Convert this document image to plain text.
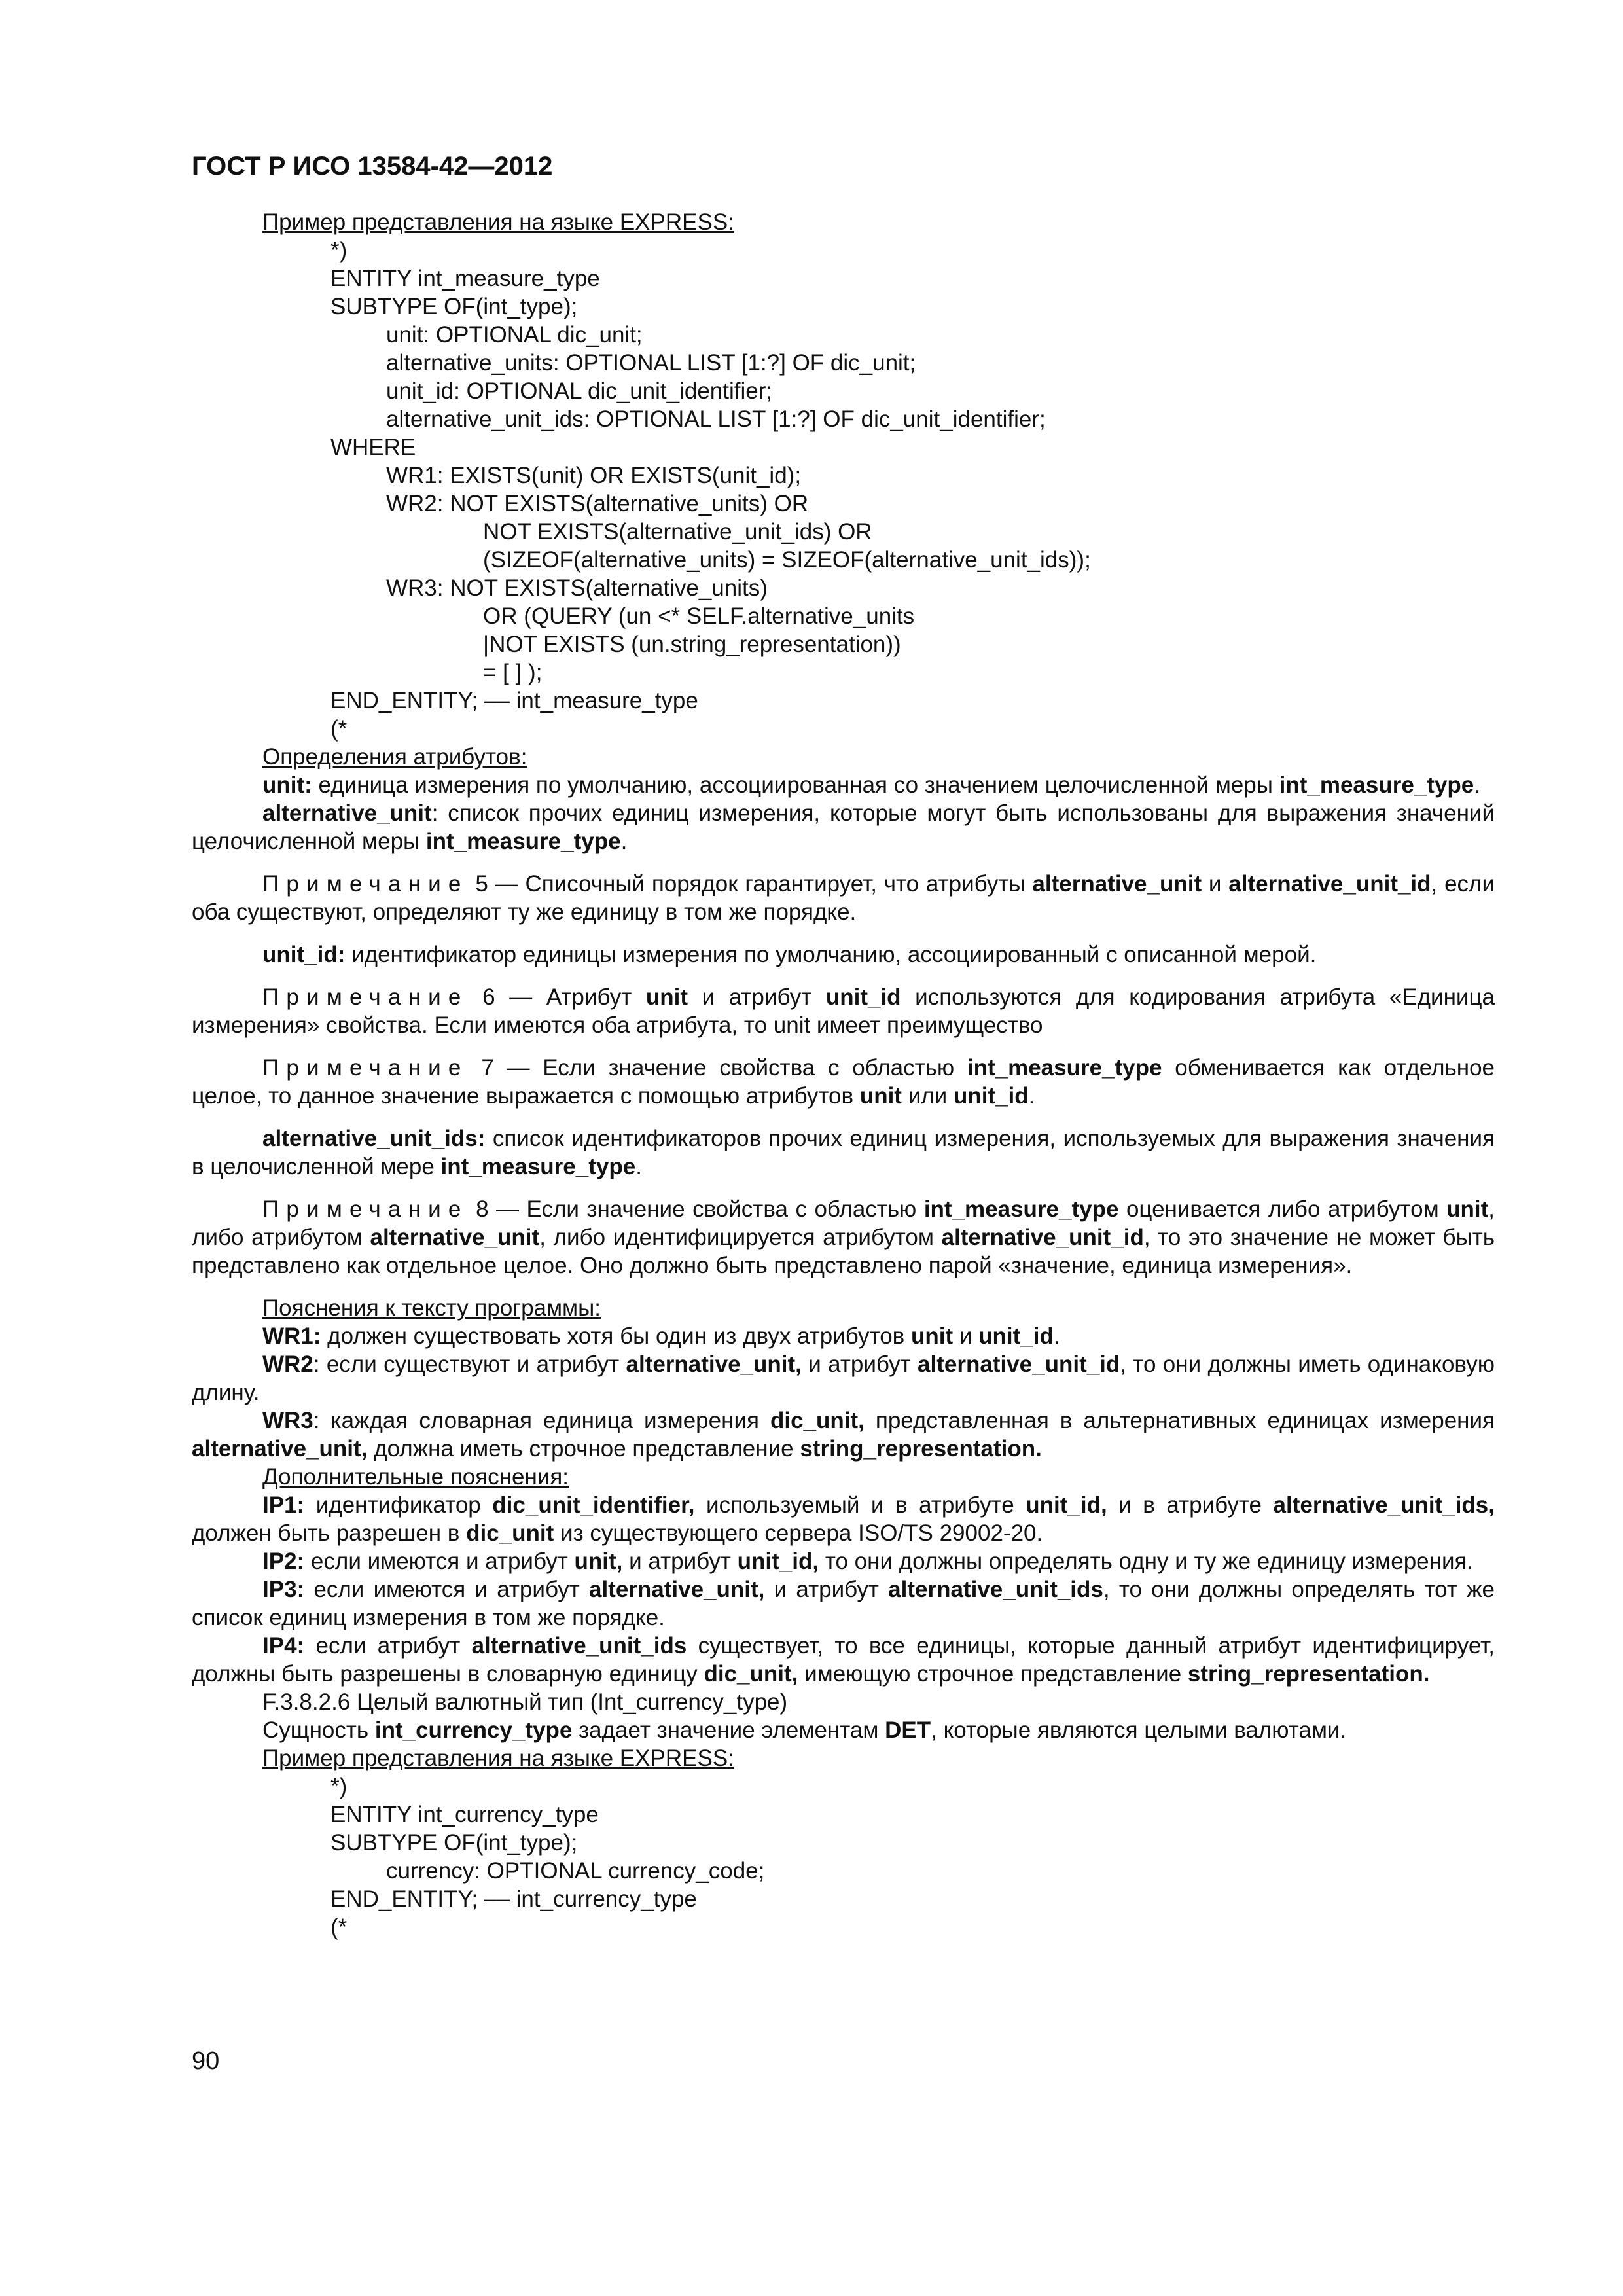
ГОСТ Р ИСО 13584-42—2012
Пример представления на языке EXPRESS:
*)
ENTITY int_measure_type
SUBTYPE OF(int_type);
unit: OPTIONAL dic_unit;
alternative_units: OPTIONAL LIST [1:?] OF dic_unit;
unit_id: OPTIONAL dic_unit_identifier;
alternative_unit_ids: OPTIONAL LIST [1:?] OF dic_unit_identifier;
WHERE
WR1: EXISTS(unit) OR EXISTS(unit_id);
WR2: NOT EXISTS(alternative_units) OR
NOT EXISTS(alternative_unit_ids) OR
(SIZEOF(alternative_units) = SIZEOF(alternative_unit_ids));
WR3: NOT EXISTS(alternative_units)
OR (QUERY (un <* SELF.alternative_units
|NOT EXISTS (un.string_representation))
= [ ] );
END_ENTITY; –– int_measure_type
(*
Определения атрибутов:

unit: единица измерения по умолчанию, ассоциированная со значением целочисленной меры int_measure_type.

alternative_unit: список прочих единиц измерения, которые могут быть использованы для выражения значений целочисленной меры int_measure_type.

Примечание 5 — Списочный порядок гарантирует, что атрибуты alternative_unit и alternative_unit_id, если оба существуют, определяют ту же единицу в том же порядке.

unit_id: идентификатор единицы измерения по умолчанию, ассоциированный с описанной мерой.

Примечание 6 — Атрибут unit и атрибут unit_id используются для кодирования атрибута «Единица измерения» свойства. Если имеются оба атрибута, то unit имеет преимущество

Примечание 7 — Если значение свойства с областью int_measure_type обменивается как отдельное целое, то данное значение выражается с помощью атрибутов unit или unit_id.

alternative_unit_ids: список идентификаторов прочих единиц измерения, используемых для выражения значения в целочисленной мере int_measure_type.

Примечание 8 — Если значение свойства с областью int_measure_type оценивается либо атрибутом unit, либо атрибутом alternative_unit, либо идентифицируется атрибутом alternative_unit_id, то это значение не может быть представлено как отдельное целое. Оно должно быть представлено парой «значение, единица измерения».

Пояснения к тексту программы:

WR1: должен существовать хотя бы один из двух атрибутов unit и unit_id.

WR2: если существуют и атрибут alternative_unit, и атрибут alternative_unit_id, то они должны иметь одинаковую длину.

WR3: каждая словарная единица измерения dic_unit, представленная в альтернативных единицах измерения alternative_unit, должна иметь строчное представление string_representation.

Дополнительные пояснения:

IP1: идентификатор dic_unit_identifier, используемый и в атрибуте unit_id, и в атрибуте alternative_unit_ids, должен быть разрешен в dic_unit из существующего сервера ISO/TS 29002-20.

IP2: если имеются и атрибут unit, и атрибут unit_id, то они должны определять одну и ту же единицу измерения.

IP3: если имеются и атрибут alternative_unit, и атрибут alternative_unit_ids, то они должны определять тот же список единиц измерения в том же порядке.

IP4: если атрибут alternative_unit_ids существует, то все единицы, которые данный атрибут идентифицирует, должны быть разрешены в словарную единицу dic_unit, имеющую строчное представление string_representation.

F.3.8.2.6 Целый валютный тип (Int_currency_type)

Сущность int_currency_type задает значение элементам DET, которые являются целыми валютами.

Пример представления на языке EXPRESS:
*)
ENTITY int_currency_type
SUBTYPE OF(int_type);
currency: OPTIONAL currency_code;
END_ENTITY; –– int_currency_type
(*
90
